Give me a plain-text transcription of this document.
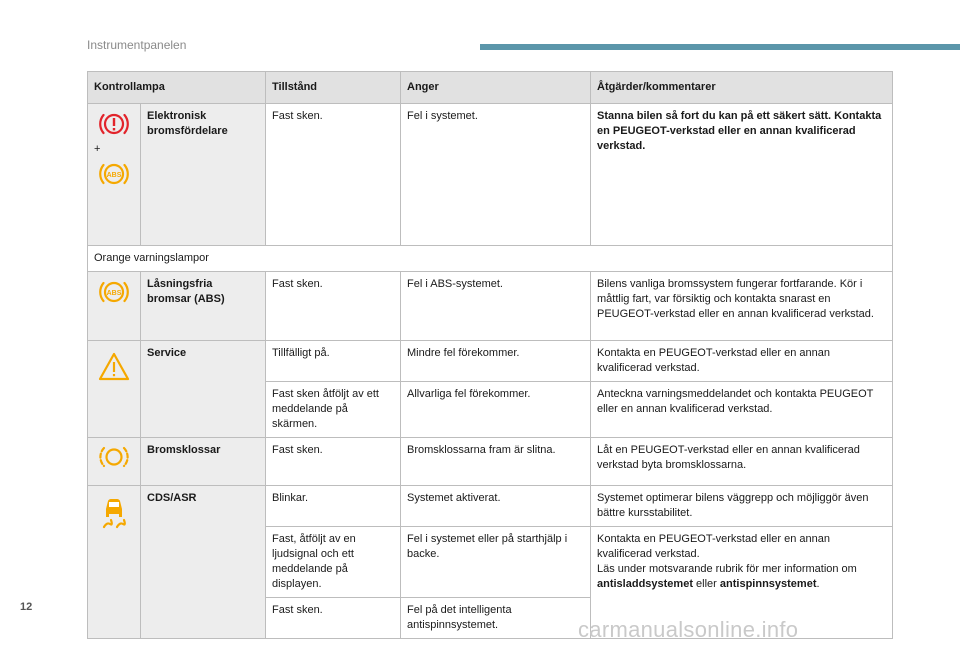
Instrumentpanelen
Kontrollampa		Tillstånd	Anger	Åtgärder/kommentarer

+
ABS	Elektronisk bromsfördelare	Fast sken.	Fel i systemet.	Stanna bilen så fort du kan på ett säkert sätt. Kontakta en PEUGEOT-verkstad eller en annan kvalificerad verkstad.
Orange varningslampor				

ABS	Låsningsfria bromsar (ABS)	Fast sken.	Fel i ABS-systemet.	Bilens vanliga bromssystem fungerar fortfarande. Kör i måttlig fart, var försiktig och kontakta snarast en PEUGEOT-verkstad eller en annan kvalificerad verkstad.

	Service	Tillfälligt på.	Mindre fel förekommer.	Kontakta en PEUGEOT-verkstad eller en annan kvalificerad verkstad.
		Fast sken åtföljt av ett meddelande på skärmen.	Allvarliga fel förekommer.	Anteckna varningsmeddelandet och kontakta PEUGEOT eller en annan kvalificerad verkstad.

	Bromsklossar	Fast sken.	Bromsklossarna fram är slitna.	Låt en PEUGEOT-verkstad eller en annan kvalificerad verkstad byta bromsklossarna.

	CDS/ASR	Blinkar.	Systemet aktiverat.	Systemet optimerar bilens väggrepp och möjliggör även bättre kursstabilitet.
		Fast, åtföljt av en ljudsignal och ett meddelande på displayen.	Fel i systemet eller på starthjälp i backe.	Kontakta en PEUGEOT-verkstad eller en annan kvalificerad verkstad.
Läs under motsvarande rubrik för mer information om
antisladdsystemet eller antispinnsystemet.
		Fast sken.	Fel på det intelligenta antispinnsystemet.	
12
carmanualsonline.info
